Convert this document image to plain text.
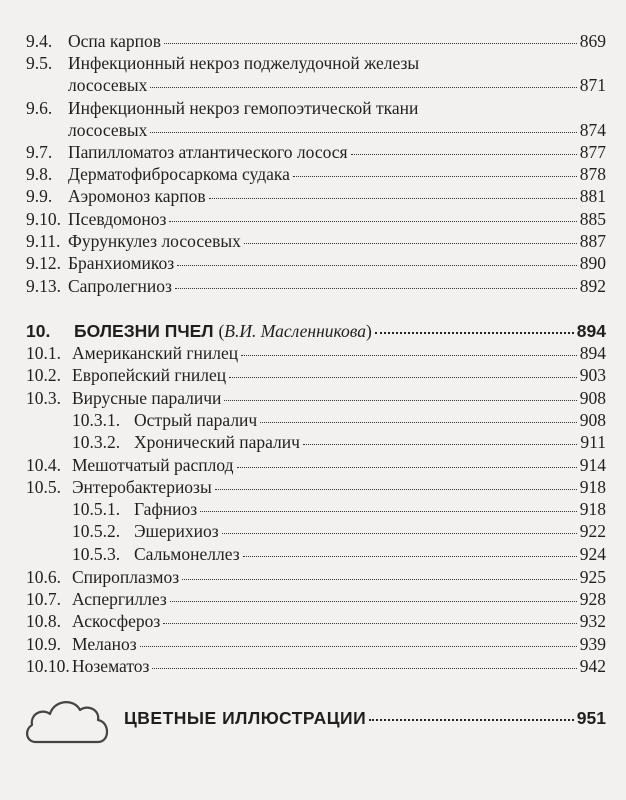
9.4. Оспа карпов	869
9.5. Инфекционный некроз поджелудочной железы
лососевых	871
9.6. Инфекционный некроз гемопоэтической ткани
лососевых	874
9.7. Папилломатоз атлантического лосося	877
9.8. Дерматофибросаркома судака	878
9.9. Аэромоноз карпов	881
9.10. Псевдомоноз	885
9.11. Фурункулез лососевых	887
9.12. Бранхиомикоз	890
9.13. Сапролегниоз	892
10.	БОЛЕЗНИ ПЧЕЛ (В.И. Масленникова)	894
10.1. Американский гнилец	894
10.2. Европейский гнилец	903
10.3. Вирусные параличи	908
10.3.1. Острый паралич	908
10.3.2. Хронический паралич	911
10.4. Мешотчатый расплод	914
10.5. Энтеробактериозы	918
10.5.1. Гафниоз	918
10.5.2. Эшерихиоз	922
10.5.3. Сальмонеллез	924
10.6. Спироплазмоз	925
10.7. Аспергиллез	928
10.8. Аскосфероз	932
10.9. Меланоз	939
10.10. Нозематоз	942
ЦВЕТНЫЕ ИЛЛЮСТРАЦИИ	951
